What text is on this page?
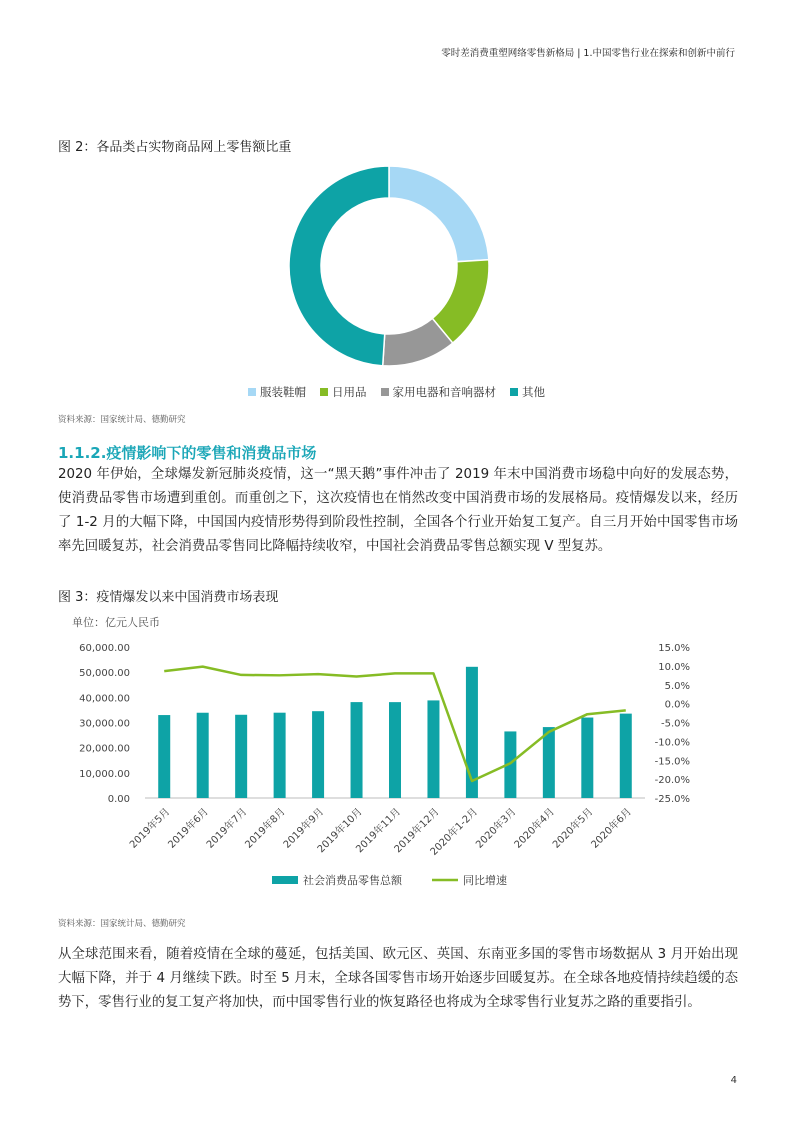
零时差消费重塑网络零售新格局 | 1.中国零售行业在探索和创新中前行
图 2：各品类占实物商品网上零售额比重
服装鞋帽 日用品 家用电器和音响器材 其他
资料来源：国家统计局、德勤研究
1.1.2.疫情影响下的零售和消费品市场

2020 年伊始，全球爆发新冠肺炎疫情，这一“黑天鹅”事件冲击了 2019 年末中国消费市场稳中向好的发展态势，使消费品零售市场遭到重创。而重创之下，这次疫情也在悄然改变中国消费市场的发展格局。疫情爆发以来，经历了 1-2 月的大幅下降，中国国内疫情形势得到阶段性控制，全国各个行业开始复工复产。自三月开始中国零售市场率先回暖复苏，社会消费品零售同比降幅持续收窄，中国社会消费品零售总额实现 V 型复苏。

图 3：疫情爆发以来中国消费市场表现
单位：亿元人民币
0.00
10,000.00
20,000.00
30,000.00
40,000.00
50,000.00
60,000.00
-25.0%
-20.0%
-15.0%
-10.0%
-5.0%
0.0%
5.0%
10.0%
15.0%
2019年5月
2019年6月
2019年7月
2019年8月
2019年9月
2019年10月
2019年11月
2019年12月
2020年1-2月
2020年3月
2020年4月
2020年5月
2020年6月
社会消费品零售总额	同比增速
资料来源：国家统计局、德勤研究

从全球范围来看，随着疫情在全球的蔓延，包括美国、欧元区、英国、东南亚多国的零售市场数据从 3 月开始出现大幅下降，并于 4 月继续下跌。时至 5 月末，全球各国零售市场开始逐步回暖复苏。在全球各地疫情持续趋缓的态势下，零售行业的复工复产将加快，而中国零售行业的恢复路径也将成为全球零售行业复苏之路的重要指引。

4
